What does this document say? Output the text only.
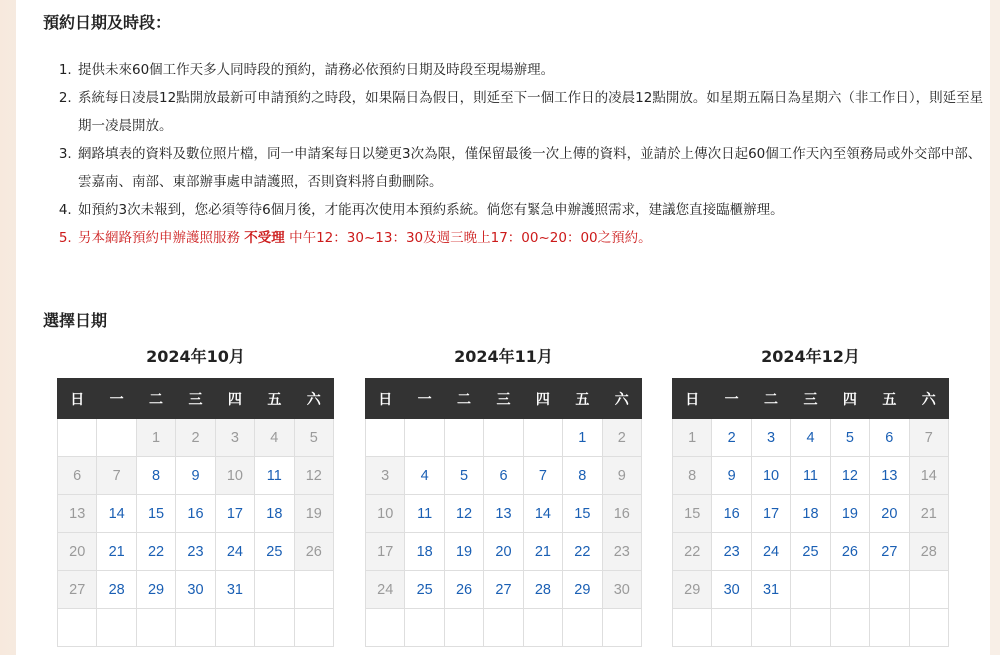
預約日期及時段：
1. 提供未來60個工作天多人同時段的預約，請務必依預約日期及時段至現場辦理。
2. 系統每日凌晨12點開放最新可申請預約之時段，如果隔日為假日，則延至下一個工作日的凌晨12點開放。如星期五隔日為星期六（非工作日），則延至星期一凌晨開放。
3. 網路填表的資料及數位照片檔，同一申請案每日以變更3次為限，僅保留最後一次上傳的資料，並請於上傳次日起60個工作天內至領務局或外交部中部、雲嘉南、南部、東部辦事處申請護照，否則資料將自動刪除。
4. 如預約3次未報到，您必須等待6個月後，才能再次使用本預約系統。倘您有緊急申辦護照需求，建議您直接臨櫃辦理。
5. 另本網路預約申辦護照服務 不受理 中午12：30~13：30及週三晚上17：00~20：00之預約。
選擇日期
2024年10月
日	一	二	三	四	五	六
		1	2	3	4	5
6	7	8	9	10	11	12
13	14	15	16	17	18	19
20	21	22	23	24	25	26
27	28	29	30	31		

2024年11月
日	一	二	三	四	五	六
					1	2
3	4	5	6	7	8	9
10	11	12	13	14	15	16
17	18	19	20	21	22	23
24	25	26	27	28	29	30

2024年12月
日	一	二	三	四	五	六
1	2	3	4	5	6	7
8	9	10	11	12	13	14
15	16	17	18	19	20	21
22	23	24	25	26	27	28
29	30	31				
